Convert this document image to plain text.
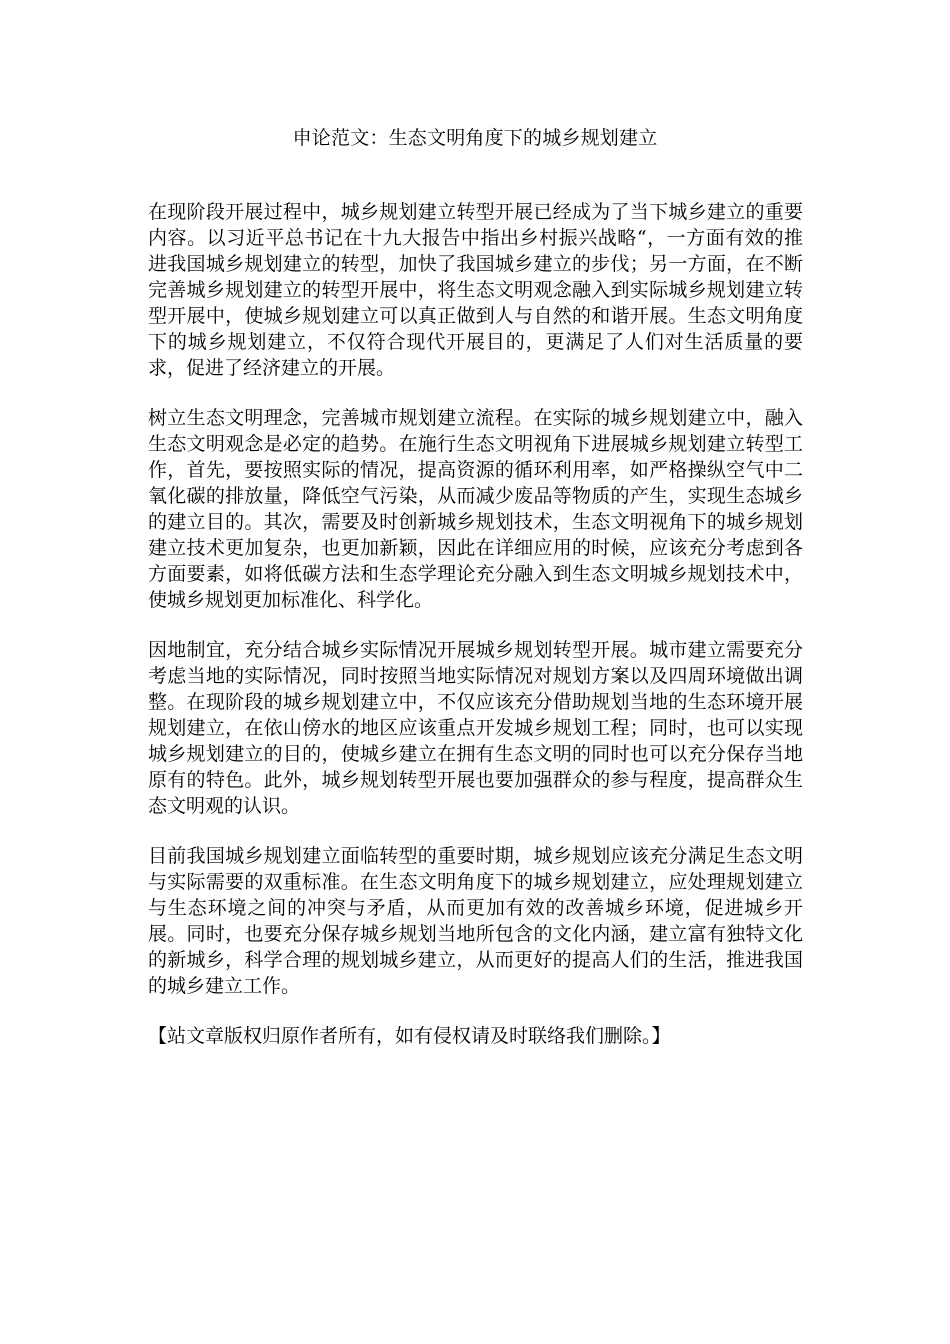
申论范文：生态文明角度下的城乡规划建立

在现阶段开展过程中，城乡规划建立转型开展已经成为了当下城乡建立的重要内容。以习近平总书记在十九大报告中指出乡村振兴战略“，一方面有效的推进我国城乡规划建立的转型，加快了我国城乡建立的步伐；另一方面，在不断完善城乡规划建立的转型开展中，将生态文明观念融入到实际城乡规划建立转型开展中，使城乡规划建立可以真正做到人与自然的和谐开展。生态文明角度下的城乡规划建立，不仅符合现代开展目的，更满足了人们对生活质量的要求，促进了经济建立的开展。

树立生态文明理念，完善城市规划建立流程。在实际的城乡规划建立中，融入生态文明观念是必定的趋势。在施行生态文明视角下进展城乡规划建立转型工作，首先，要按照实际的情况，提高资源的循环利用率，如严格操纵空气中二氧化碳的排放量，降低空气污染，从而减少废品等物质的产生，实现生态城乡的建立目的。其次，需要及时创新城乡规划技术，生态文明视角下的城乡规划建立技术更加复杂，也更加新颖，因此在详细应用的时候，应该充分考虑到各方面要素，如将低碳方法和生态学理论充分融入到生态文明城乡规划技术中，使城乡规划更加标准化、科学化。

因地制宜，充分结合城乡实际情况开展城乡规划转型开展。城市建立需要充分考虑当地的实际情况，同时按照当地实际情况对规划方案以及四周环境做出调整。在现阶段的城乡规划建立中，不仅应该充分借助规划当地的生态环境开展规划建立，在依山傍水的地区应该重点开发城乡规划工程；同时，也可以实现城乡规划建立的目的，使城乡建立在拥有生态文明的同时也可以充分保存当地原有的特色。此外，城乡规划转型开展也要加强群众的参与程度，提高群众生态文明观的认识。

目前我国城乡规划建立面临转型的重要时期，城乡规划应该充分满足生态文明与实际需要的双重标准。在生态文明角度下的城乡规划建立，应处理规划建立与生态环境之间的冲突与矛盾，从而更加有效的改善城乡环境，促进城乡开展。同时，也要充分保存城乡规划当地所包含的文化内涵，建立富有独特文化的新城乡，科学合理的规划城乡建立，从而更好的提高人们的生活，推进我国的城乡建立工作。

【站文章版权归原作者所有，如有侵权请及时联络我们删除。】
